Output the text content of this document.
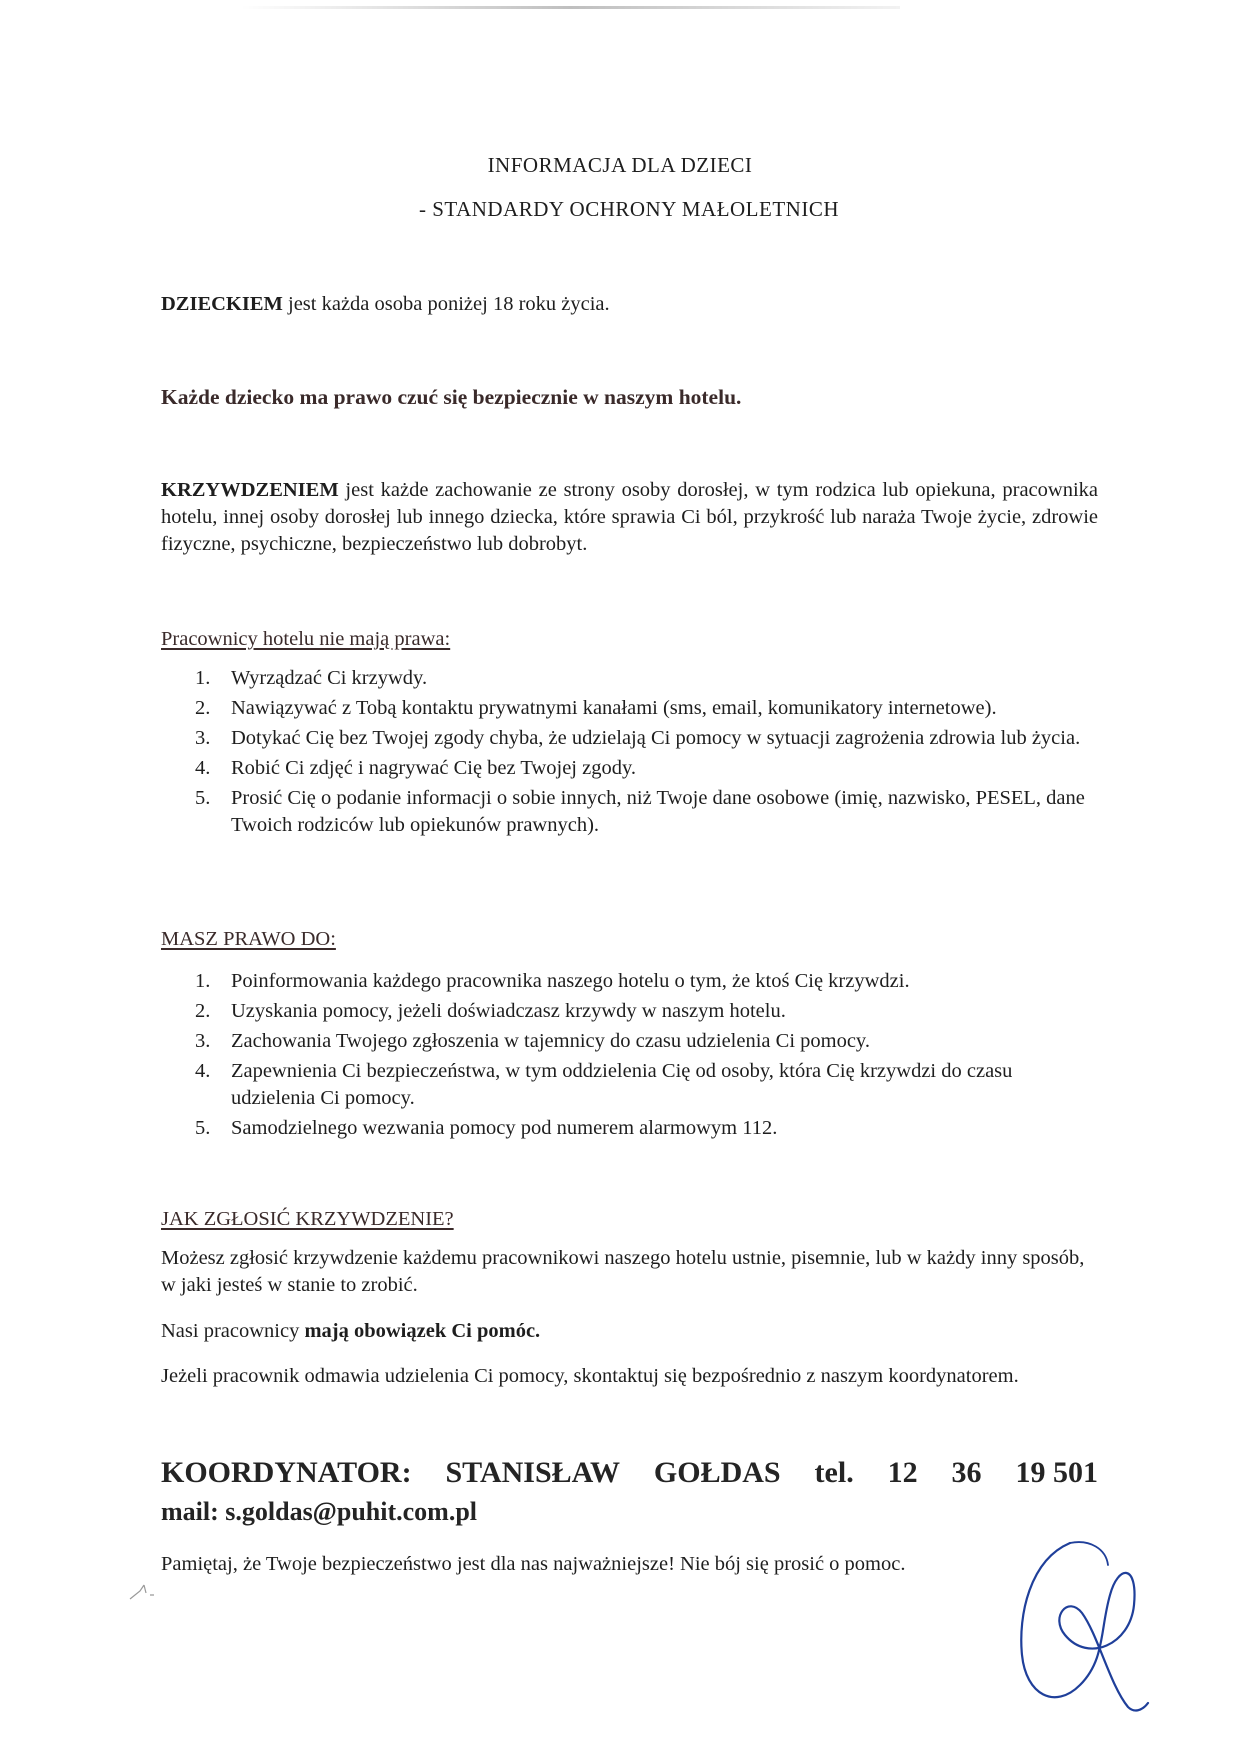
INFORMACJA DLA DZIECI
- STANDARDY OCHRONY MAŁOLETNICH
DZIECKIEM jest każda osoba poniżej 18 roku życia.
Każde dziecko ma prawo czuć się bezpiecznie w naszym hotelu.
KRZYWDZENIEM jest każde zachowanie ze strony osoby dorosłej, w tym rodzica lub opiekuna, pracownika hotelu, innej osoby dorosłej lub innego dziecka, które sprawia Ci ból, przykrość lub naraża Twoje życie, zdrowie fizyczne, psychiczne, bezpieczeństwo lub dobrobyt.
Pracownicy hotelu nie mają prawa:
1. Wyrządzać Ci krzywdy.
2. Nawiązywać z Tobą kontaktu prywatnymi kanałami (sms, email, komunikatory internetowe).
3. Dotykać Cię bez Twojej zgody chyba, że udzielają Ci pomocy w sytuacji zagrożenia zdrowia lub życia.
4. Robić Ci zdjęć i nagrywać Cię bez Twojej zgody.
5. Prosić Cię o podanie informacji o sobie innych, niż Twoje dane osobowe (imię, nazwisko, PESEL, dane Twoich rodziców lub opiekunów prawnych).
MASZ PRAWO DO:
1. Poinformowania każdego pracownika naszego hotelu o tym, że ktoś Cię krzywdzi.
2. Uzyskania pomocy, jeżeli doświadczasz krzywdy w naszym hotelu.
3. Zachowania Twojego zgłoszenia w tajemnicy do czasu udzielenia Ci pomocy.
4. Zapewnienia Ci bezpieczeństwa, w tym oddzielenia Cię od osoby, która Cię krzywdzi do czasu udzielenia Ci pomocy.
5. Samodzielnego wezwania pomocy pod numerem alarmowym 112.
JAK ZGŁOSIĆ KRZYWDZENIE?
Możesz zgłosić krzywdzenie każdemu pracownikowi naszego hotelu ustnie, pisemnie, lub w każdy inny sposób, w jaki jesteś w stanie to zrobić.
Nasi pracownicy mają obowiązek Ci pomóc.
Jeżeli pracownik odmawia udzielenia Ci pomocy, skontaktuj się bezpośrednio z naszym koordynatorem.
KOORDYNATOR: STANISŁAW GOŁDAS tel. 12 36 19 501
mail: s.goldas@puhit.com.pl
Pamiętaj, że Twoje bezpieczeństwo jest dla nas najważniejsze! Nie bój się prosić o pomoc.
